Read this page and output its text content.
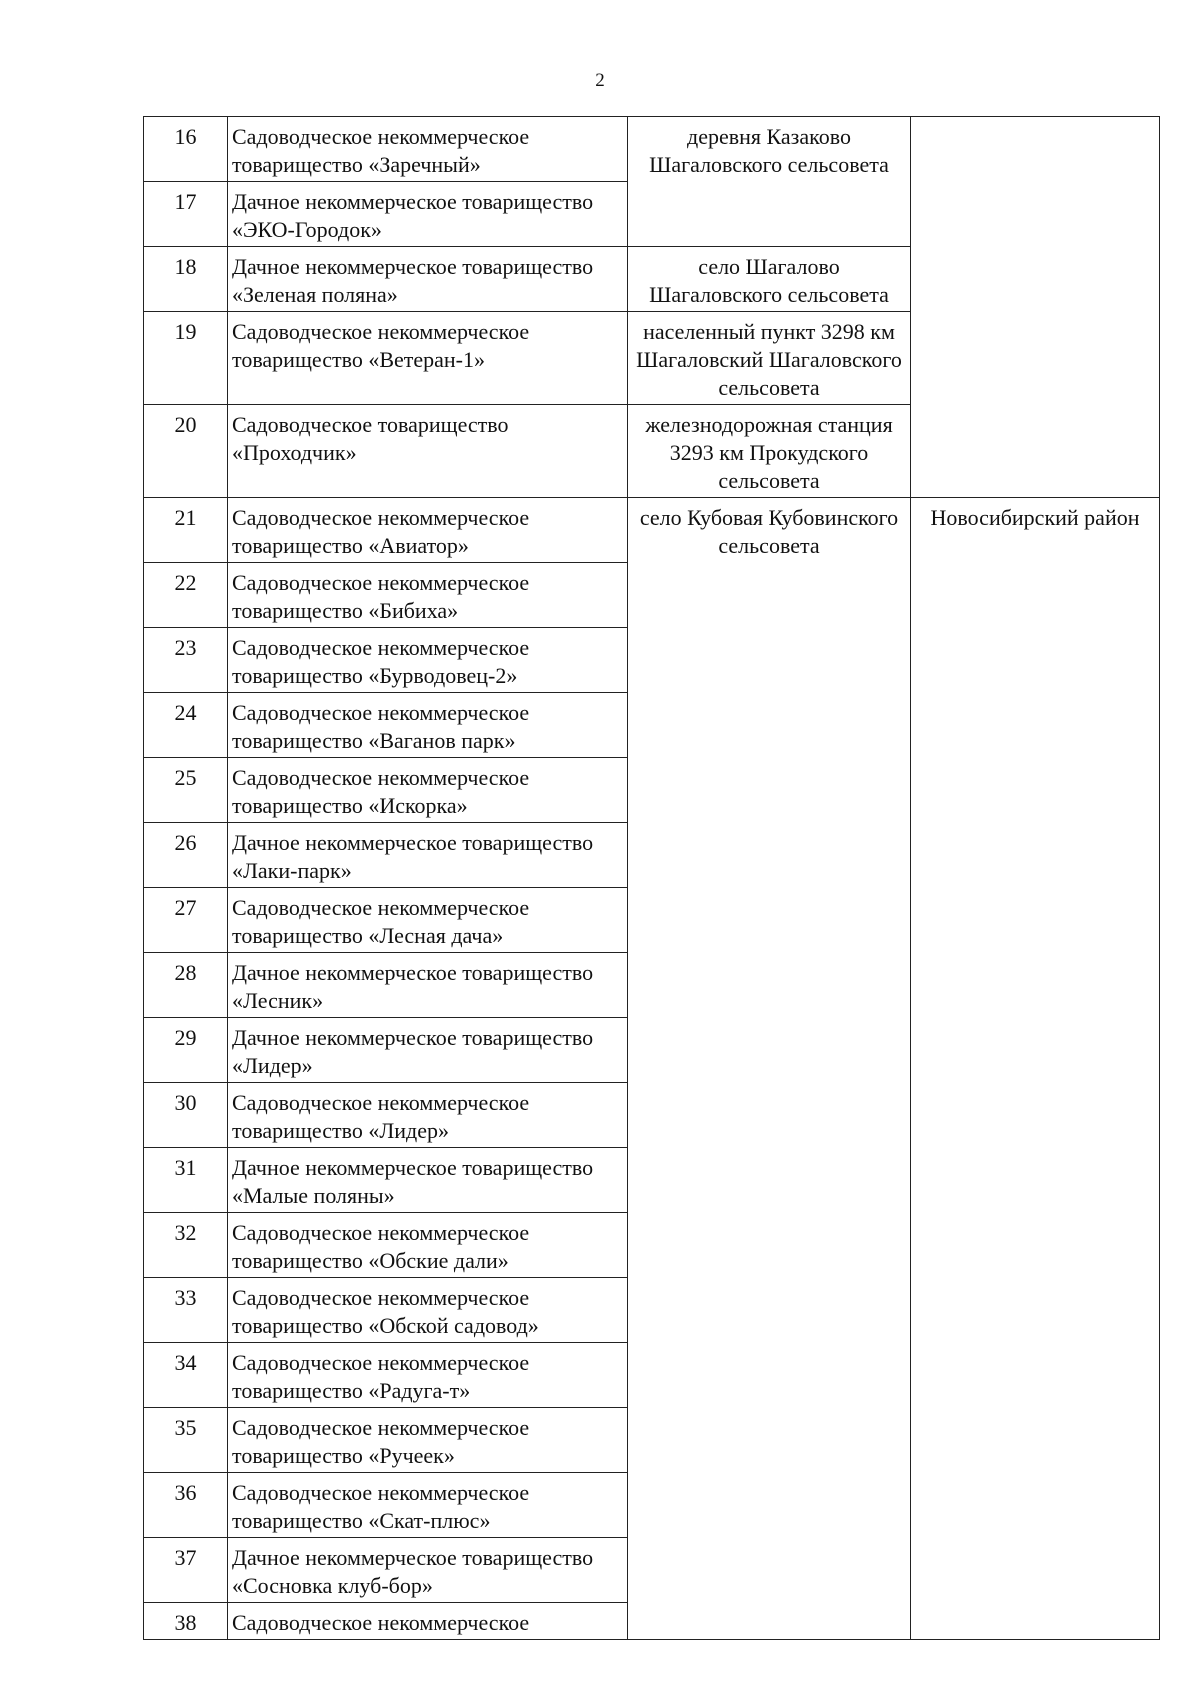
2
16	Садоводческое некоммерческое товарищество «Заречный»	деревня Казаково Шагаловского сельсовета	
17	Дачное некоммерческое товарищество «ЭКО-Городок»		
18	Дачное некоммерческое товарищество «Зеленая поляна»	село Шагалово Шагаловского сельсовета	
19	Садоводческое некоммерческое товарищество «Ветеран-1»	населенный пункт 3298 км Шагаловский Шагаловского сельсовета	
20	Садоводческое товарищество «Проходчик»	железнодорожная станция 3293 км Прокудского сельсовета	
21	Садоводческое некоммерческое товарищество «Авиатор»	село Кубовая Кубовинского сельсовета	Новосибирский район
22	Садоводческое некоммерческое товарищество «Бибиха»		
23	Садоводческое некоммерческое товарищество «Бурводовец-2»		
24	Садоводческое некоммерческое товарищество «Ваганов парк»		
25	Садоводческое некоммерческое товарищество «Искорка»		
26	Дачное некоммерческое товарищество «Лаки-парк»		
27	Садоводческое некоммерческое товарищество «Лесная дача»		
28	Дачное некоммерческое товарищество «Лесник»		
29	Дачное некоммерческое товарищество «Лидер»		
30	Садоводческое некоммерческое товарищество «Лидер»		
31	Дачное некоммерческое товарищество «Малые поляны»		
32	Садоводческое некоммерческое товарищество «Обские дали»		
33	Садоводческое некоммерческое товарищество «Обской садовод»		
34	Садоводческое некоммерческое товарищество «Радуга-т»		
35	Садоводческое некоммерческое товарищество «Ручеек»		
36	Садоводческое некоммерческое товарищество «Скат-плюс»		
37	Дачное некоммерческое товарищество «Сосновка клуб-бор»		
38	Садоводческое некоммерческое		
